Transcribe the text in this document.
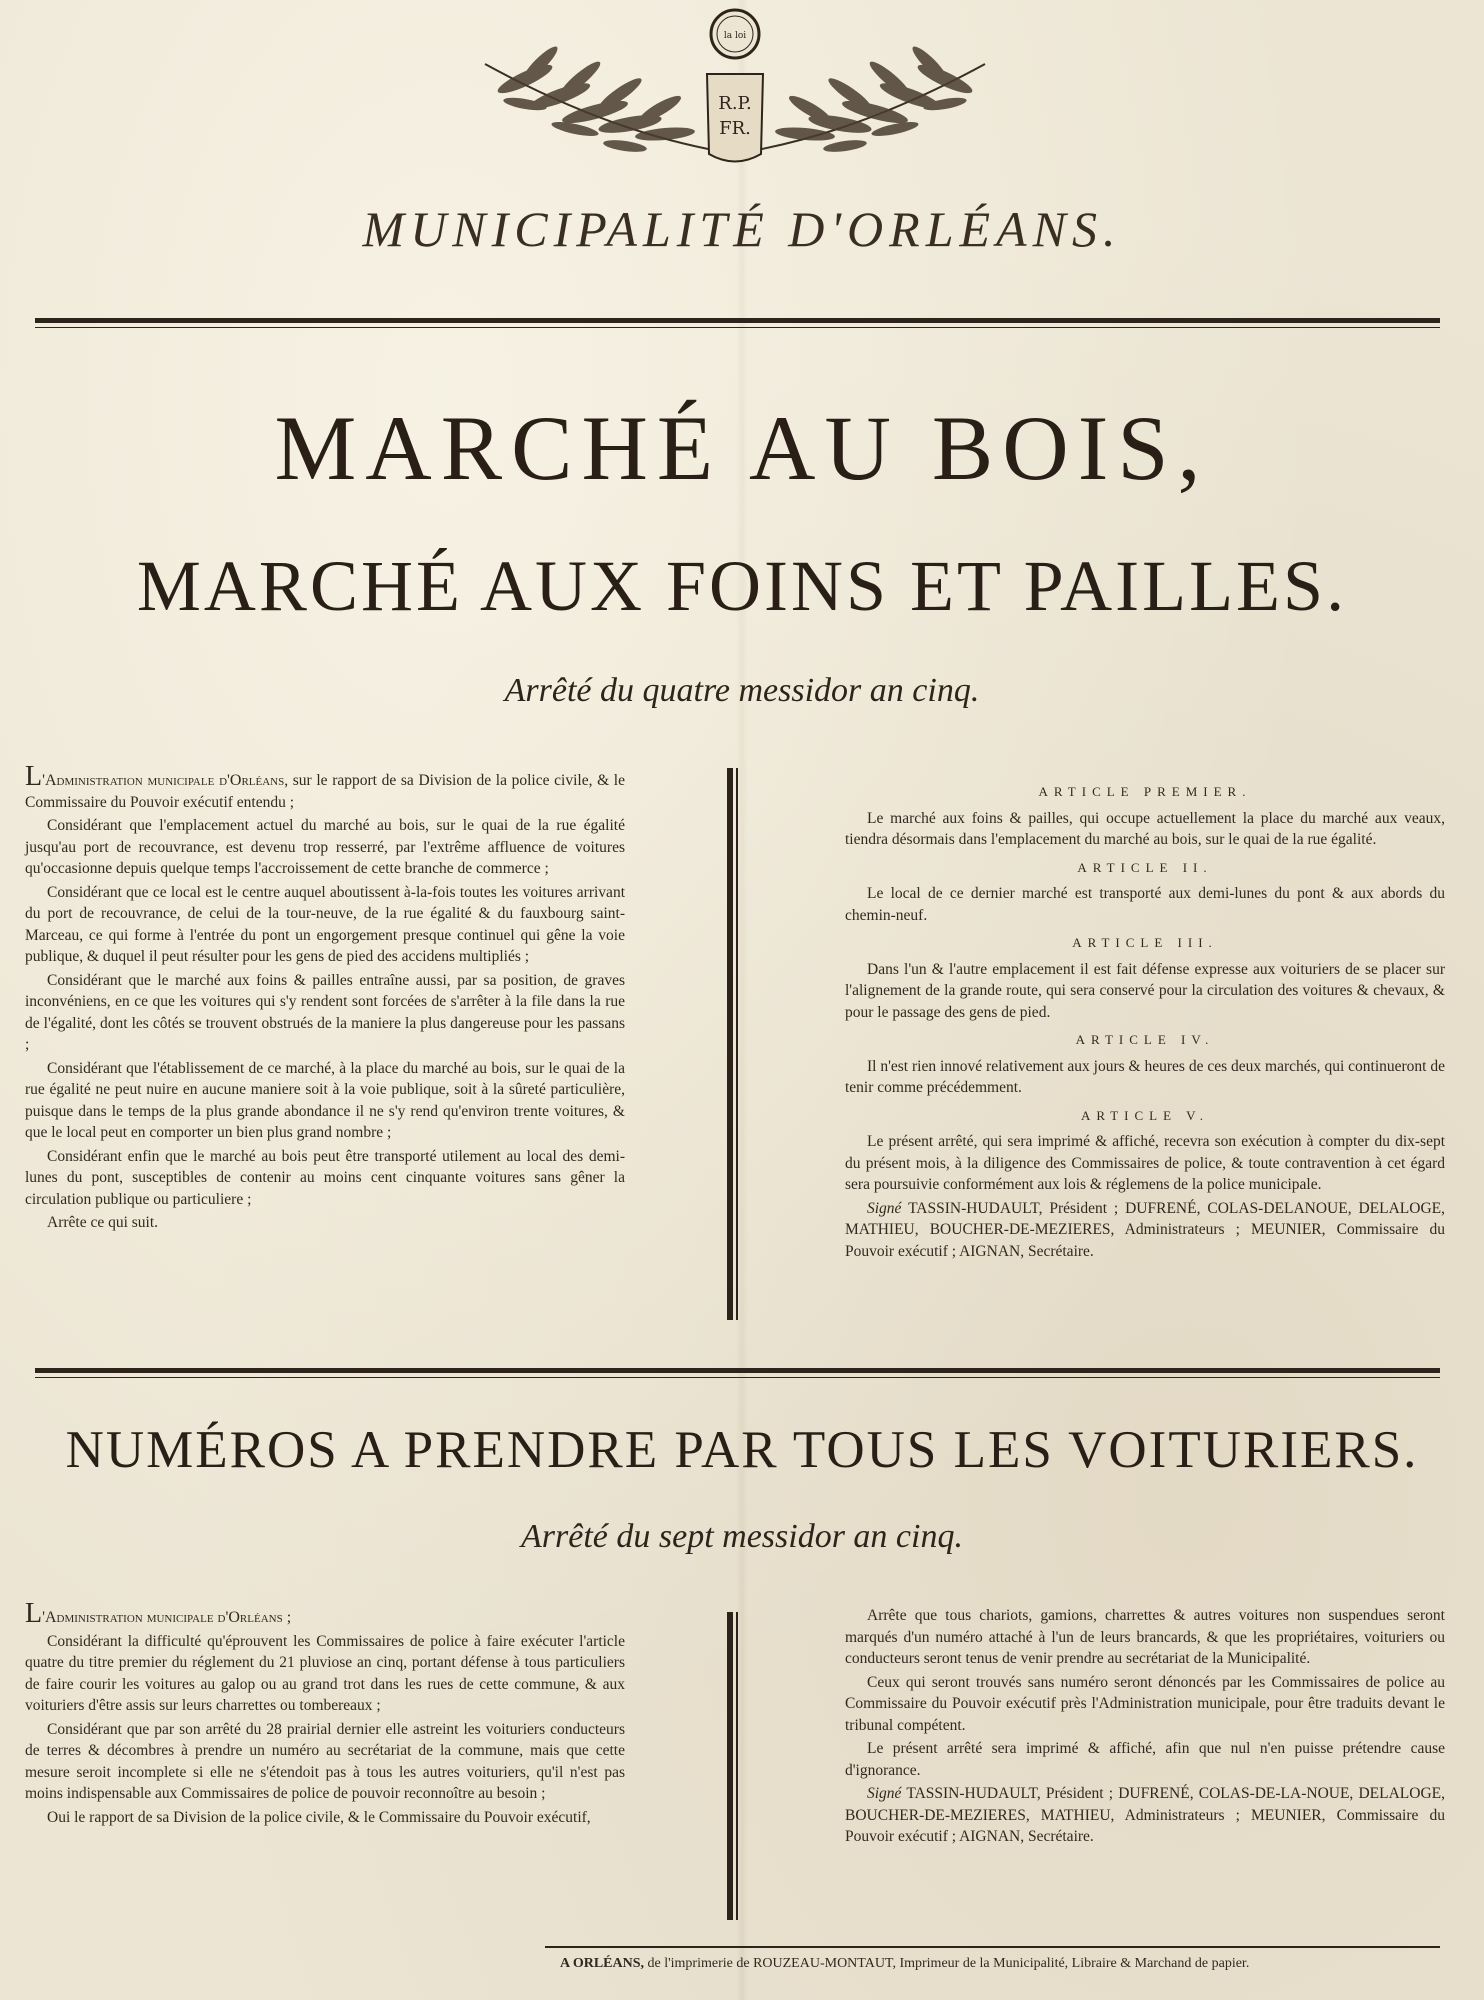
la loi
R.P.
FR.
MUNICIPALITÉ D'ORLÉANS.
MARCHÉ AU BOIS,
MARCHÉ AUX FOINS ET PAILLES.
Arrêté du quatre messidor an cinq.

L'Administration municipale d'Orléans, sur le rapport de sa Division de la police civile, & le Commissaire du Pouvoir exécutif entendu ;

Considérant que l'emplacement actuel du marché au bois, sur le quai de la rue égalité jusqu'au port de recouvrance, est devenu trop resserré, par l'extrême affluence de voitures qu'occasionne depuis quelque temps l'accroissement de cette branche de commerce ;

Considérant que ce local est le centre auquel aboutissent à-la-fois toutes les voitures arrivant du port de recouvrance, de celui de la tour-neuve, de la rue égalité & du fauxbourg saint-Marceau, ce qui forme à l'entrée du pont un engorgement presque continuel qui gêne la voie publique, & duquel il peut résulter pour les gens de pied des accidens multipliés ;

Considérant que le marché aux foins & pailles entraîne aussi, par sa position, de graves inconvéniens, en ce que les voitures qui s'y rendent sont forcées de s'arrêter à la file dans la rue de l'égalité, dont les côtés se trouvent obstrués de la maniere la plus dangereuse pour les passans ;

Considérant que l'établissement de ce marché, à la place du marché au bois, sur le quai de la rue égalité ne peut nuire en aucune maniere soit à la voie publique, soit à la sûreté particulière, puisque dans le temps de la plus grande abondance il ne s'y rend qu'environ trente voitures, & que le local peut en comporter un bien plus grand nombre ;

Considérant enfin que le marché au bois peut être transporté utilement au local des demi-lunes du pont, susceptibles de contenir au moins cent cinquante voitures sans gêner la circulation publique ou particuliere ;

Arrête ce qui suit.

ARTICLE PREMIER.

Le marché aux foins & pailles, qui occupe actuellement la place du marché aux veaux, tiendra désormais dans l'emplacement du marché au bois, sur le quai de la rue égalité.

ARTICLE II.

Le local de ce dernier marché est transporté aux demi-lunes du pont & aux abords du chemin-neuf.

ARTICLE III.

Dans l'un & l'autre emplacement il est fait défense expresse aux voituriers de se placer sur l'alignement de la grande route, qui sera conservé pour la circulation des voitures & chevaux, & pour le passage des gens de pied.

ARTICLE IV.

Il n'est rien innové relativement aux jours & heures de ces deux marchés, qui continueront de tenir comme précédemment.

ARTICLE V.

Le présent arrêté, qui sera imprimé & affiché, recevra son exécution à compter du dix-sept du présent mois, à la diligence des Commissaires de police, & toute contravention à cet égard sera poursuivie conformément aux lois & réglemens de la police municipale.

Signé TASSIN-HUDAULT, Président ; DUFRENÉ, COLAS-DELANOUE, DELALOGE, MATHIEU, BOUCHER-DE-MEZIERES, Administrateurs ; MEUNIER, Commissaire du Pouvoir exécutif ; AIGNAN, Secrétaire.

NUMÉROS A PRENDRE PAR TOUS LES VOITURIERS.
Arrêté du sept messidor an cinq.

L'Administration municipale d'Orléans ;

Considérant la difficulté qu'éprouvent les Commissaires de police à faire exécuter l'article quatre du titre premier du réglement du 21 pluviose an cinq, portant défense à tous particuliers de faire courir les voitures au galop ou au grand trot dans les rues de cette commune, & aux voituriers d'être assis sur leurs charrettes ou tombereaux ;

Considérant que par son arrêté du 28 prairial dernier elle astreint les voituriers conducteurs de terres & décombres à prendre un numéro au secrétariat de la commune, mais que cette mesure seroit incomplete si elle ne s'étendoit pas à tous les autres voituriers, qu'il n'est pas moins indispensable aux Commissaires de police de pouvoir reconnoître au besoin ;

Oui le rapport de sa Division de la police civile, & le Commissaire du Pouvoir exécutif,

Arrête que tous chariots, gamions, charrettes & autres voitures non suspendues seront marqués d'un numéro attaché à l'un de leurs brancards, & que les propriétaires, voituriers ou conducteurs seront tenus de venir prendre au secrétariat de la Municipalité.

Ceux qui seront trouvés sans numéro seront dénoncés par les Commissaires de police au Commissaire du Pouvoir exécutif près l'Administration municipale, pour être traduits devant le tribunal compétent.

Le présent arrêté sera imprimé & affiché, afin que nul n'en puisse prétendre cause d'ignorance.

Signé TASSIN-HUDAULT, Président ; DUFRENÉ, COLAS-DE-LA-NOUE, DELALOGE, BOUCHER-DE-MEZIERES, MATHIEU, Administrateurs ; MEUNIER, Commissaire du Pouvoir exécutif ; AIGNAN, Secrétaire.

A ORLÉANS, de l'imprimerie de ROUZEAU-MONTAUT, Imprimeur de la Municipalité, Libraire & Marchand de papier.
